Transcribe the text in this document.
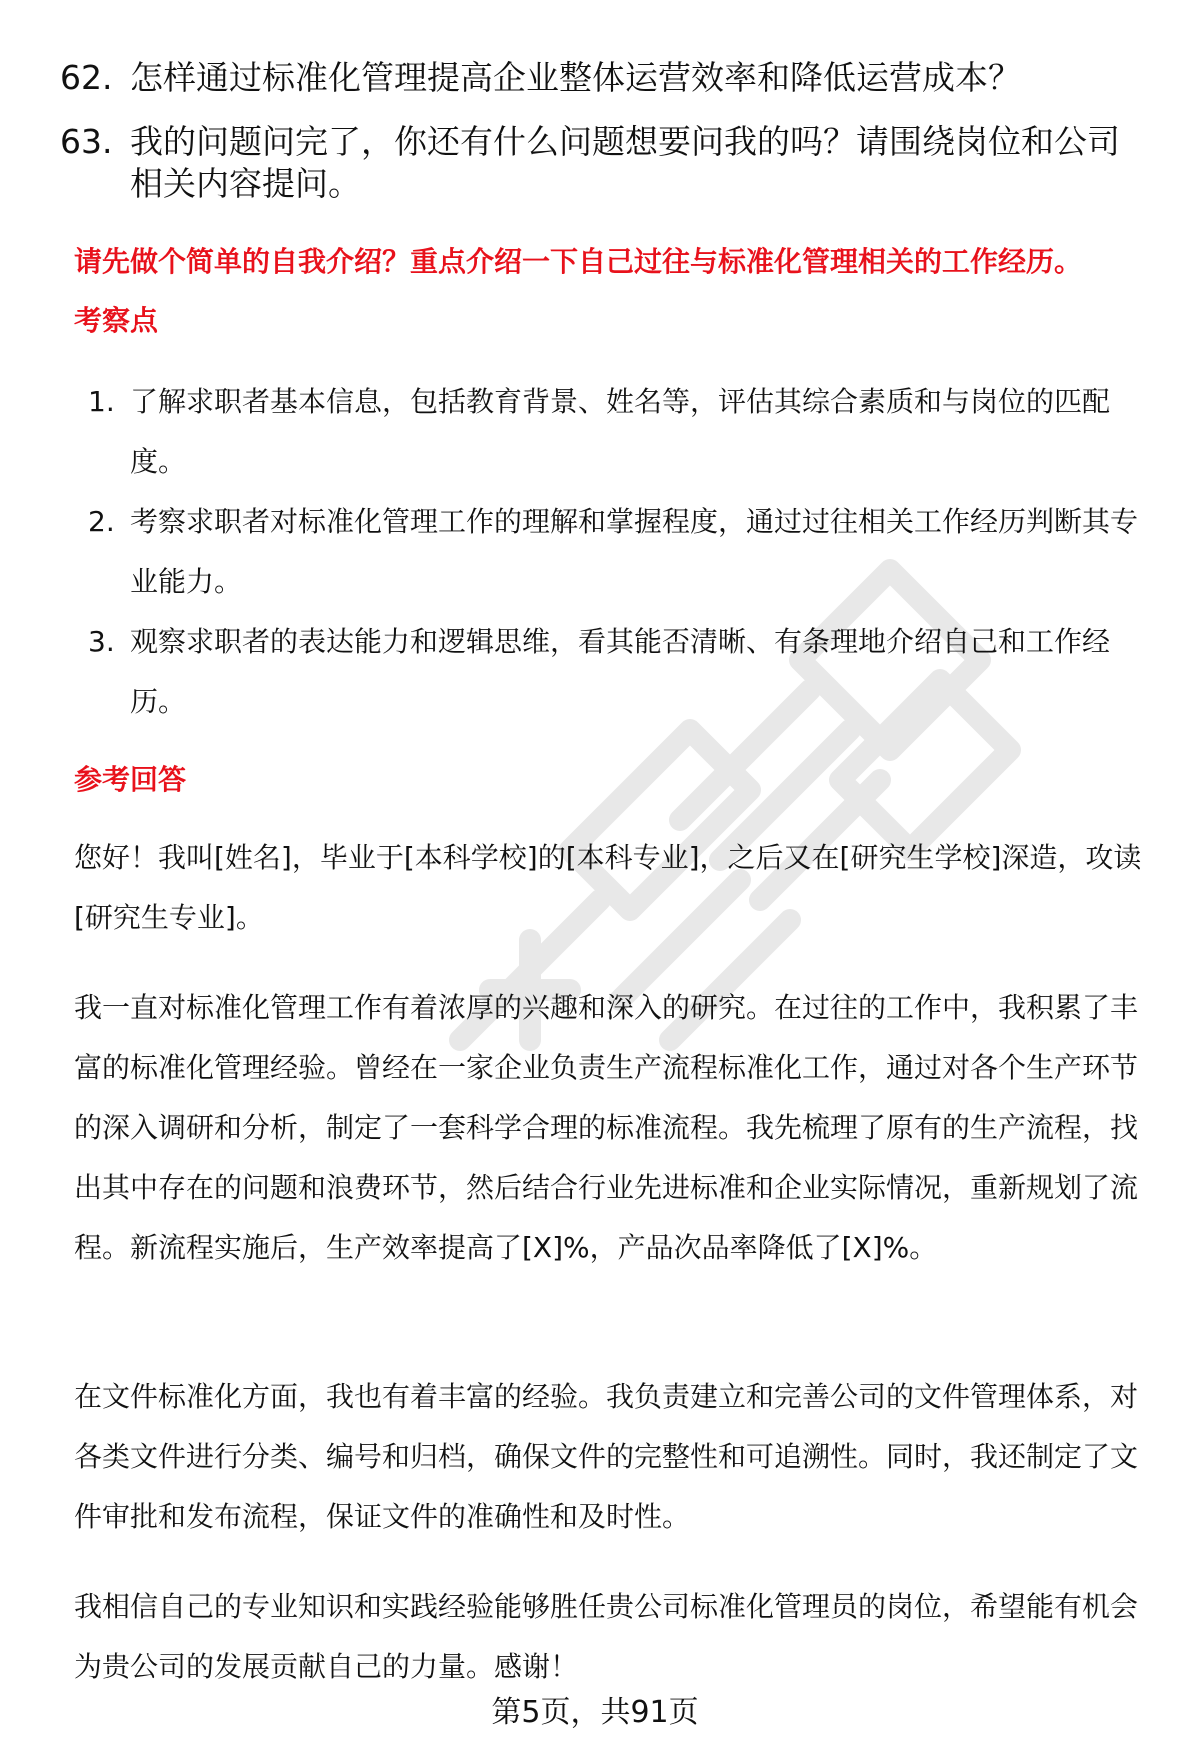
62. 怎样通过标准化管理提高企业整体运营效率和降低运营成本？
63. 我的问题问完了，你还有什么问题想要问我的吗？请围绕岗位和公司相关内容提问。
请先做个简单的自我介绍？重点介绍一下自己过往与标准化管理相关的工作经历。
考察点
1. 了解求职者基本信息，包括教育背景、姓名等，评估其综合素质和与岗位的匹配度。
2. 考察求职者对标准化管理工作的理解和掌握程度，通过过往相关工作经历判断其专业能力。
3. 观察求职者的表达能力和逻辑思维，看其能否清晰、有条理地介绍自己和工作经历。
参考回答
您好！我叫[姓名]，毕业于[本科学校]的[本科专业]，之后又在[研究生学校]深造，攻读[研究生专业]。
我一直对标准化管理工作有着浓厚的兴趣和深入的研究。在过往的工作中，我积累了丰富的标准化管理经验。曾经在一家企业负责生产流程标准化工作，通过对各个生产环节的深入调研和分析，制定了一套科学合理的标准流程。我先梳理了原有的生产流程，找出其中存在的问题和浪费环节，然后结合行业先进标准和企业实际情况，重新规划了流程。新流程实施后，生产效率提高了[X]%，产品次品率降低了[X]%。
在文件标准化方面，我也有着丰富的经验。我负责建立和完善公司的文件管理体系，对各类文件进行分类、编号和归档，确保文件的完整性和可追溯性。同时，我还制定了文件审批和发布流程，保证文件的准确性和及时性。
我相信自己的专业知识和实践经验能够胜任贵公司标准化管理员的岗位，希望能有机会为贵公司的发展贡献自己的力量。感谢！
第5页，共91页
